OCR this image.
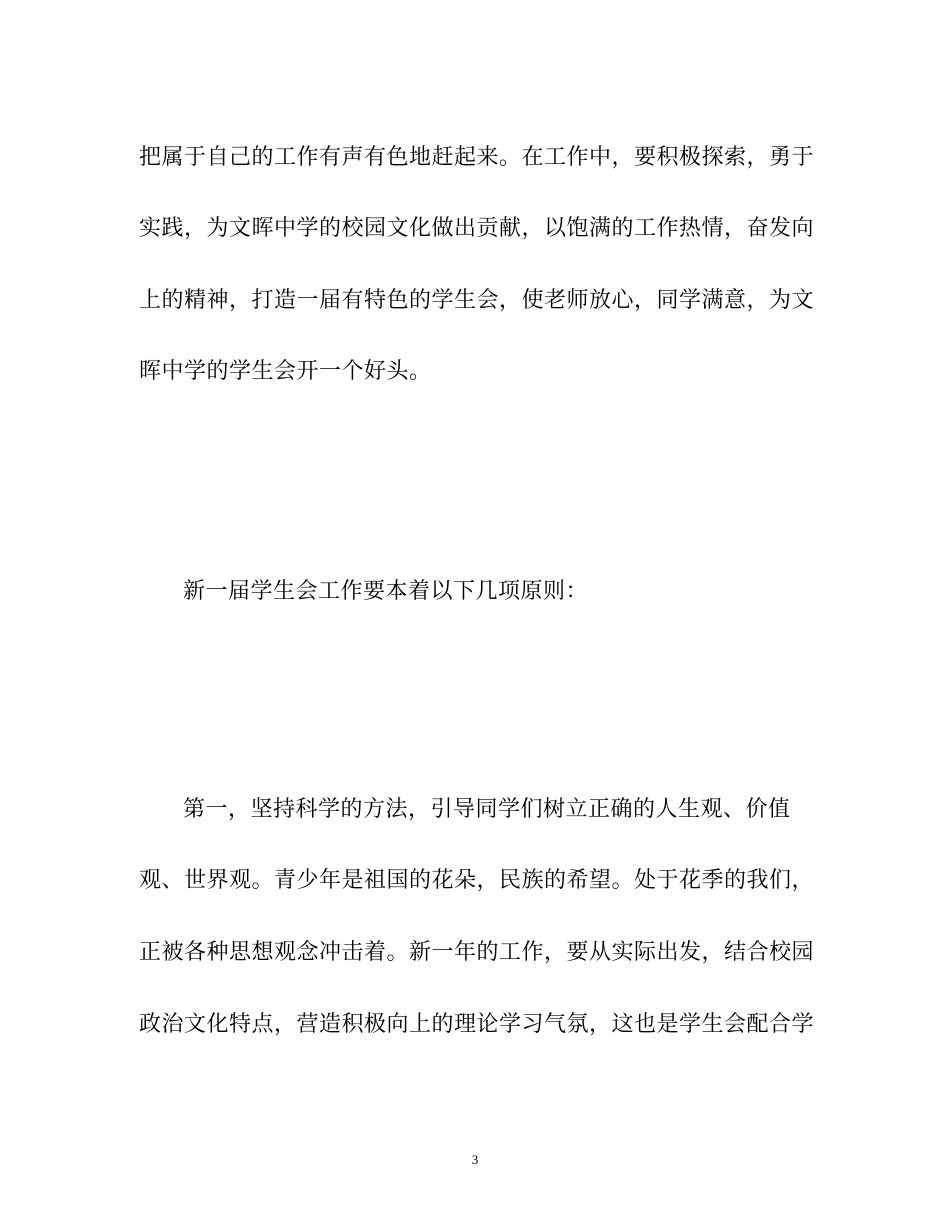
把属于自己的工作有声有色地赶起来。在工作中，要积极探索，勇于
实践，为文晖中学的校园文化做出贡献，以饱满的工作热情，奋发向
上的精神，打造一届有特色的学生会，使老师放心，同学满意，为文
晖中学的学生会开一个好头。
新一届学生会工作要本着以下几项原则：
第一，坚持科学的方法，引导同学们树立正确的人生观、价值
观、世界观。青少年是祖国的花朵，民族的希望。处于花季的我们，
正被各种思想观念冲击着。新一年的工作，要从实际出发，结合校园
政治文化特点，营造积极向上的理论学习气氛，这也是学生会配合学
3
